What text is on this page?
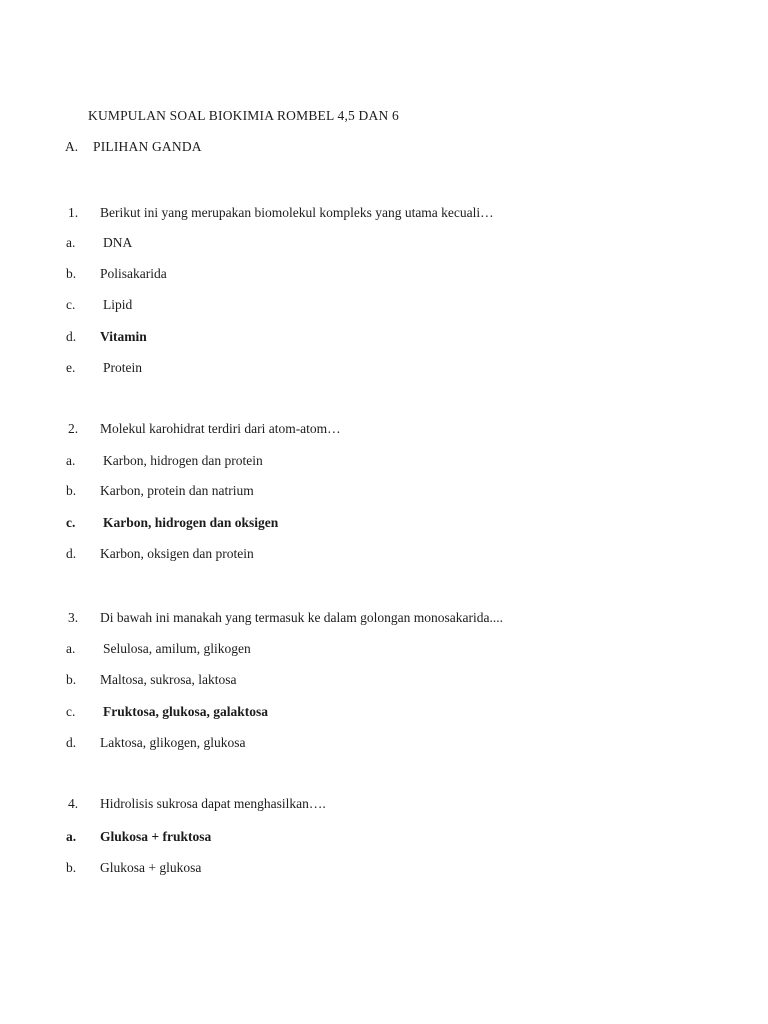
KUMPULAN SOAL BIOKIMIA ROMBEL 4,5 DAN 6
A. PILIHAN GANDA
1. Berikut ini yang merupakan biomolekul kompleks yang utama kecuali…
a. DNA
b. Polisakarida
c. Lipid
d. Vitamin
e. Protein
2. Molekul karohidrat terdiri dari atom-atom…
a. Karbon, hidrogen dan protein
b. Karbon, protein dan natrium
c. Karbon, hidrogen dan oksigen
d. Karbon, oksigen dan protein
3. Di bawah ini manakah yang termasuk ke dalam golongan monosakarida....
a. Selulosa, amilum, glikogen
b. Maltosa, sukrosa, laktosa
c. Fruktosa, glukosa, galaktosa
d. Laktosa, glikogen, glukosa
4. Hidrolisis sukrosa dapat menghasilkan….
a. Glukosa + fruktosa
b. Glukosa + glukosa
